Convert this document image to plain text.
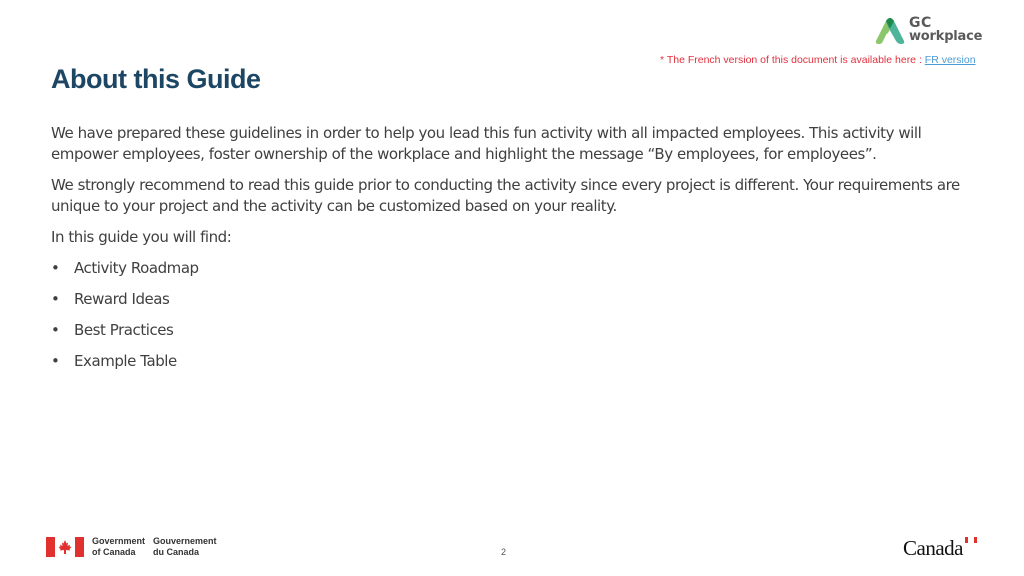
GC
workplace
* The French version of this document is available here : FR version
About this Guide

We have prepared these guidelines in order to help you lead this fun activity with all impacted employees. This activity will empower employees, foster ownership of the workplace and highlight the message “By employees, for employees”.

We strongly recommend to read this guide prior to conducting the activity since every project is different. Your requirements are unique to your project and the activity can be customized based on your reality.

In this guide you will find:

• Activity Roadmap
• Reward Ideas
• Best Practices
• Example Table
Government
of Canada
Gouvernement
du Canada	2	Canada
